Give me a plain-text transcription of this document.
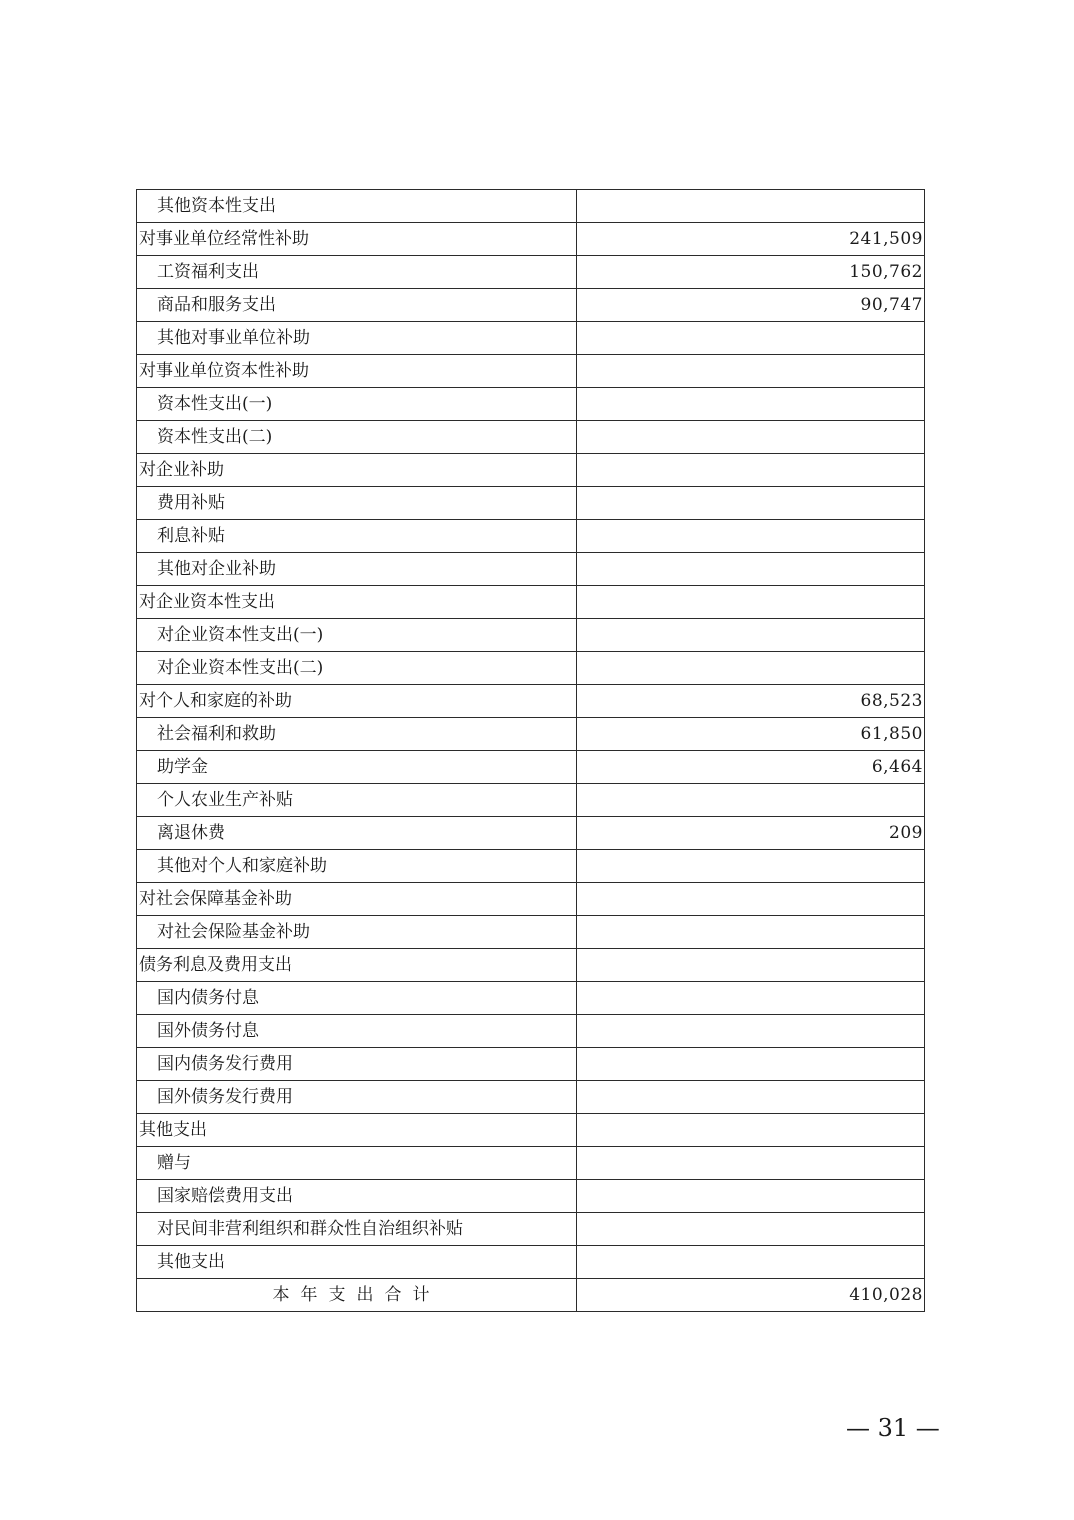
其他资本性支出	
对事业单位经常性补助	241,509
工资福利支出	150,762
商品和服务支出	90,747
其他对事业单位补助	
对事业单位资本性补助	
资本性支出(一)	
资本性支出(二)	
对企业补助	
费用补贴	
利息补贴	
其他对企业补助	
对企业资本性支出	
对企业资本性支出(一)	
对企业资本性支出(二)	
对个人和家庭的补助	68,523
社会福利和救助	61,850
助学金	6,464
个人农业生产补贴	
离退休费	209
其他对个人和家庭补助	
对社会保障基金补助	
对社会保险基金补助	
债务利息及费用支出	
国内债务付息	
国外债务付息	
国内债务发行费用	
国外债务发行费用	
其他支出	
赠与	
国家赔偿费用支出	
对民间非营利组织和群众性自治组织补贴	
其他支出	
本年支出合计	410,028
— 31 —
